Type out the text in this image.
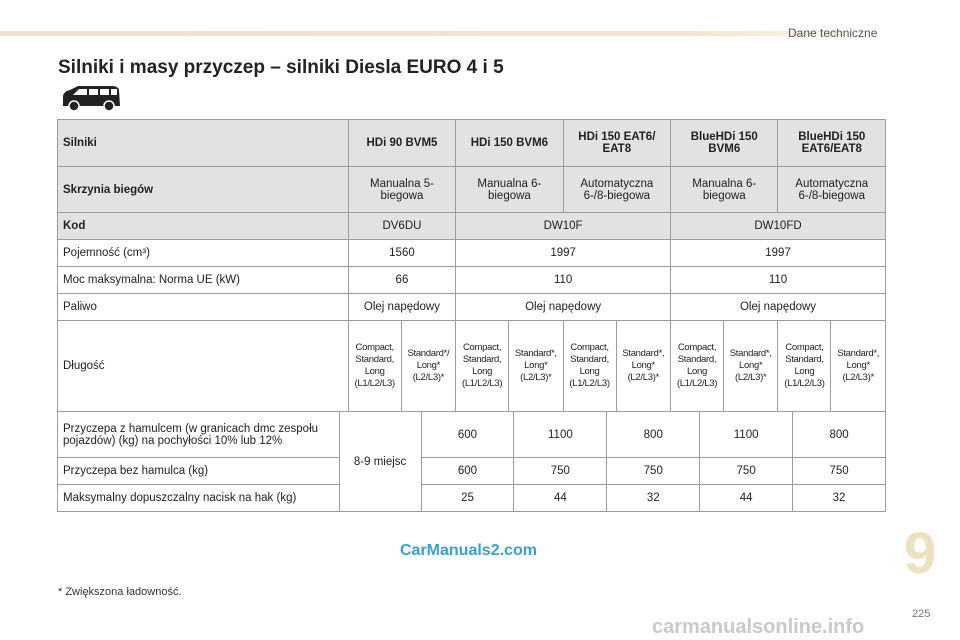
Dane techniczne
Silniki i masy przyczep – silniki Diesla EURO 4 i 5
Silniki	HDi 90 BVM5		HDi 150 BVM6		HDi 150 EAT6/ EAT8		BlueHDi 150 BVM6		BlueHDi 150 EAT6/EAT8	
Skrzynia biegów	Manualna 5-biegowa		Manualna 6-biegowa		Automatyczna 6-/8-biegowa		Manualna 6-biegowa		Automatyczna 6-/8-biegowa	
Kod	DV6DU		DW10F				DW10FD			
Pojemność (cm³)	1560		1997				1997			
Moc maksymalna: Norma UE (kW)	66		110				110			
Paliwo	Olej napędowy		Olej napędowy				Olej napędowy			
Długość	Compact, Standard, Long (L1/L2/L3)	Standard*/ Long* (L2/L3)*	Compact, Standard, Long (L1/L2/L3)	Standard*, Long* (L2/L3)*	Compact, Standard, Long (L1/L2/L3)	Standard*, Long* (L2/L3)*	Compact, Standard, Long (L1/L2/L3)	Standard*, Long* (L2/L3)*	Compact, Standard, Long (L1/L2/L3)	Standard*, Long* (L2/L3)*
Przyczepa z hamulcem (w granicach dmc zespołu pojazdów) (kg) na pochyłości 10% lub 12%	8-9 miejsc	600	1100	800	1100	800
Przyczepa bez hamulca (kg)		600	750	750	750	750
Maksymalny dopuszczalny nacisk na hak (kg)		25	44	32	44	32
CarManuals2.com
* Zwiększona ładowność.
9
225
carmanualsonline.info
